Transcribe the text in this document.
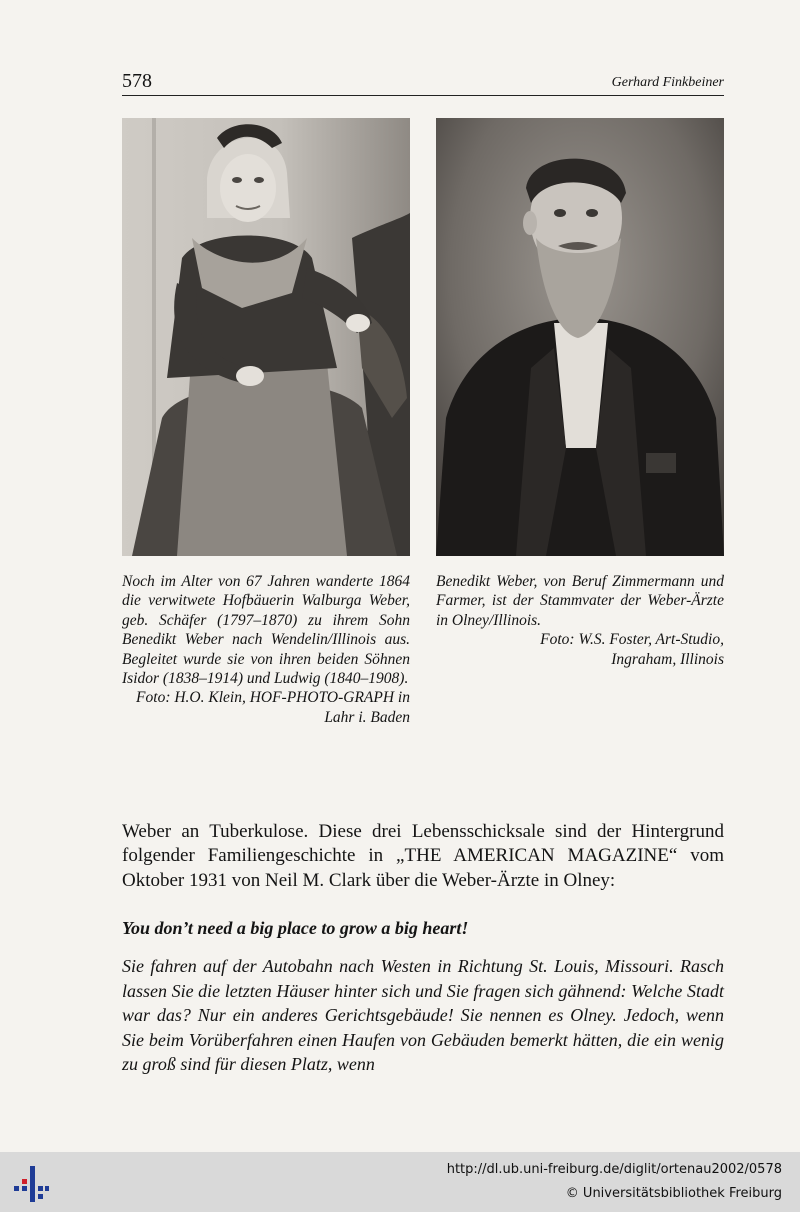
578	Gerhard Finkbeiner
Noch im Alter von 67 Jahren wanderte 1864 die verwitwete Hofbäuerin Walburga Weber, geb. Schäfer (1797–1870) zu ihrem Sohn Benedikt Weber nach Wendelin/Illinois aus. Begleitet wurde sie von ihren beiden Söhnen Isidor (1838–1914) und Ludwig (1840–1908).
Foto: H.O. Klein, HOF-PHOTO-GRAPH in Lahr i. Baden
Benedikt Weber, von Beruf Zimmermann und Farmer, ist der Stammvater der Weber-Ärzte in Olney/Illinois.
Foto: W.S. Foster, Art-Studio,
Ingraham, Illinois

Weber an Tuberkulose. Diese drei Lebensschicksale sind der Hintergrund folgender Familiengeschichte in „THE AMERICAN MAGAZINE“ vom Oktober 1931 von Neil M. Clark über die Weber-Ärzte in Olney:

You don’t need a big place to grow a big heart!

Sie fahren auf der Autobahn nach Westen in Richtung St. Louis, Missouri. Rasch lassen Sie die letzten Häuser hinter sich und Sie fragen sich gähnend: Welche Stadt war das? Nur ein anderes Gerichtsgebäude! Sie nennen es Olney. Jedoch, wenn Sie beim Vorüberfahren einen Haufen von Gebäuden bemerkt hätten, die ein wenig zu groß sind für diesen Platz, wenn

http://dl.ub.uni-freiburg.de/diglit/ortenau2002/0578
© Universitätsbibliothek Freiburg
